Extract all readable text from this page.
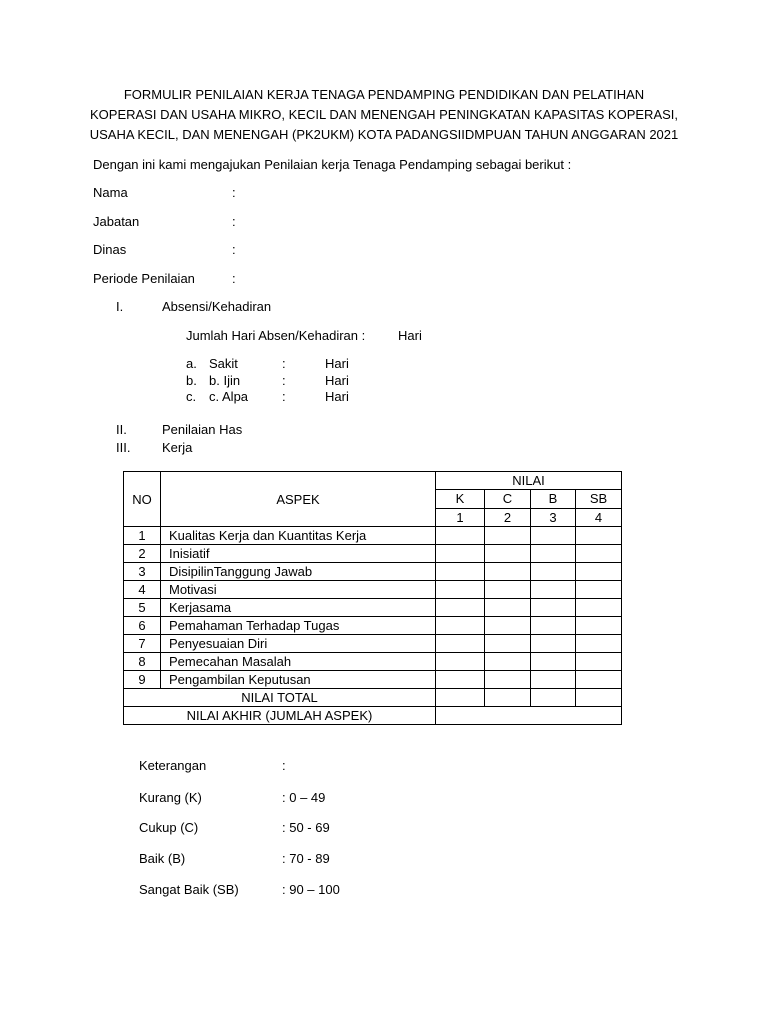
FORMULIR PENILAIAN KERJA TENAGA PENDAMPING PENDIDIKAN DAN PELATIHAN
KOPERASI DAN USAHA MIKRO, KECIL DAN MENENGAH PENINGKATAN KAPASITAS KOPERASI,
USAHA KECIL, DAN MENENGAH (PK2UKM) KOTA PADANGSIIDMPUAN TAHUN ANGGARAN 2021
Dengan ini kami mengajukan Penilaian kerja Tenaga Pendamping sebagai berikut :
Nama	:
Jabatan	:
Dinas	:
Periode Penilaian	:
I.	Absensi/Kehadiran
Jumlah Hari Absen/Kehadiran :	Hari
a. Sakit	:	Hari
b. b. Ijin	:	Hari
c. c. Alpa	:	Hari
II.	Penilaian Has
III. Kerja
NO	ASPEK	NILAI			
		K	C	B	SB
		1	2	3	4
1	Kualitas Kerja dan Kuantitas Kerja				
2	Inisiatif				
3	DisipilinTanggung Jawab				
4	Motivasi				
5	Kerjasama				
6	Pemahaman Terhadap Tugas				
7	Penyesuaian Diri				
8	Pemecahan Masalah				
9	Pengambilan Keputusan				
NILAI TOTAL					
NILAI AKHIR (JUMLAH ASPEK)					
Keterangan	:
Kurang (K)	: 0 – 49
Cukup (C)	: 50 - 69
Baik (B)	: 70 - 89
Sangat Baik (SB)	: 90 – 100
